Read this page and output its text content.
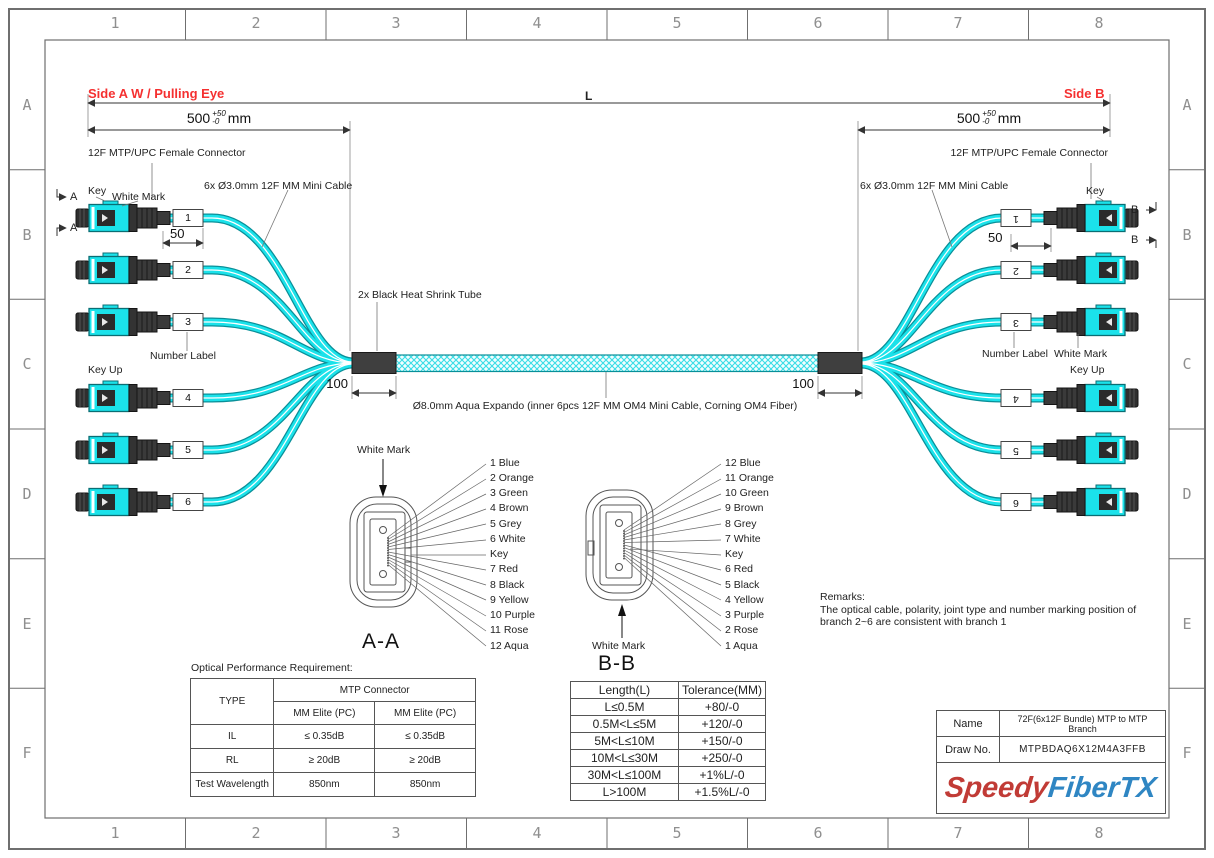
1	2	3	4	5	6	7	8
1	2	3	4	5	6	7	8
A
B
C
D
E
F
A
B
C
D
E
F
Side A W / Pulling Eye	Side B
L
500 +50
-0 mm	500 +50
-0 mm
12F MTP/UPC Female Connector	12F MTP/UPC Female Connector
Key White Mark	Key
6x Ø3.0mm 12F MM Mini Cable	6x Ø3.0mm 12F MM Mini Cable
A
A
B
B
50	50
2x Black Heat Shrink Tube
100	100
Number Label
Key Up
Number Label White Mark
Key Up
Ø8.0mm Aqua Expando (inner 6pcs 12F MM OM4 Mini Cable, Corning OM4 Fiber)
1
2
3
4
5
6
1
2
3
4
5
6
White Mark
A-A
1 Blue
2 Orange
3 Green
4 Brown
5 Grey
6 White
Key
7 Red
8 Black
9 Yellow
10 Purple
11 Rose
12 Aqua	White Mark
B-B
12 Blue
11 Orange
10 Green
9 Brown
8 Grey
7 White
Key
6 Red
5 Black
4 Yellow
3 Purple
2 Rose
1 Aqua
Remarks:
The optical cable, polarity, joint type and number marking position of
branch 2~6 are consistent with branch 1
Optical Performance Requirement:
TYPE	MTP Connector	
	MM Elite (PC)	MM Elite (PC)
IL	≤ 0.35dB	≤ 0.35dB
RL	≥ 20dB	≥ 20dB
Test Wavelength	850nm	850nm
Length(L)	Tolerance(MM)
L≤0.5M	+80/-0
0.5M<L≤5M	+120/-0
5M<L≤10M	+150/-0
10M<L≤30M	+250/-0
30M<L≤100M	+1%L/-0
L>100M	+1.5%L/-0
Name	72F(6x12F Bundle) MTP to MTP Branch
Draw No.	MTPBDAQ6X12M4A3FFB
SpeedyFiberTX	
